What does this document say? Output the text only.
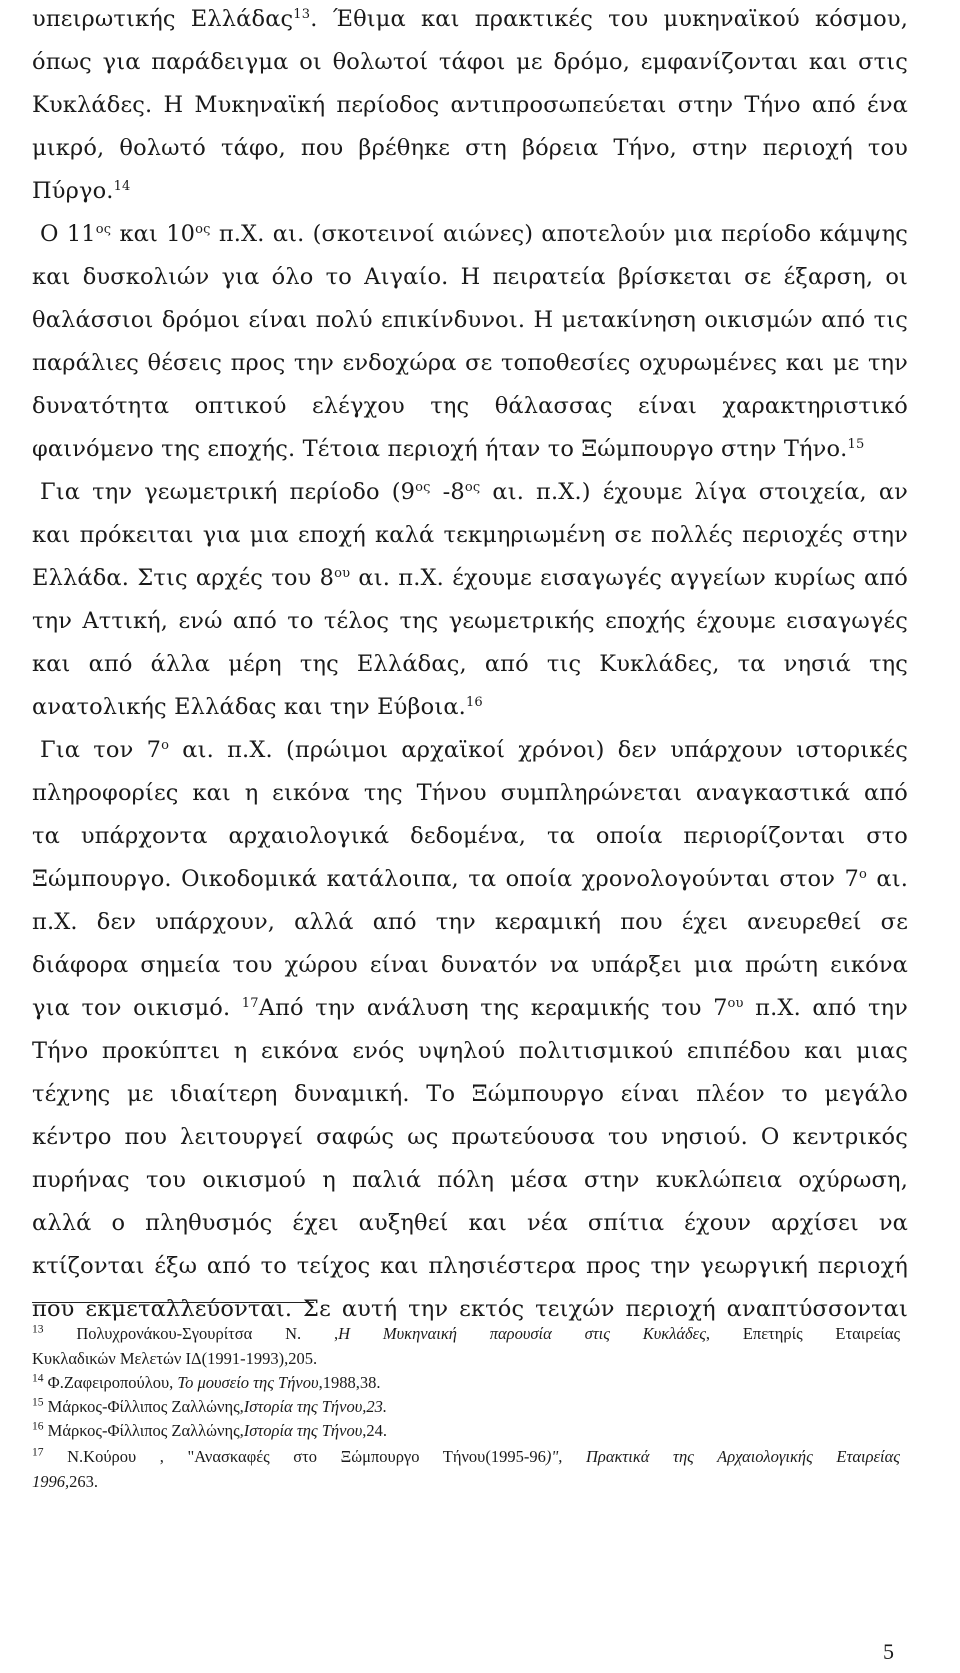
υπειρωτικής Ελλάδας$^{13}$. Έθιμα και πρακτικές του μυκηναϊκού κόσμου,
όπως για παράδειγμα οι θολωτοί τάφοι με δρόμο, εμφανίζονται και στις
Κυκλάδες. Η Μυκηναϊκή περίοδος αντιπροσωπεύεται στην Τήνο από ένα
μικρό, θολωτό τάφο, που βρέθηκε στη βόρεια Τήνο, στην περιοχή του
Πύργο.$^{14}$
Ο $11^{o\varsigma}$ και $10^{o\varsigma}$ π.Χ. αι. (σκοτεινοί αιώνες) αποτελούν μια περίοδο κάμψης
και δυσκολιών για όλο το Αιγαίο. Η πειρατεία βρίσκεται σε έξαρση, οι
θαλάσσιοι δρόμοι είναι πολύ επικίνδυνοι. Η μετακίνηση οικισμών από τις
παράλιες θέσεις προς την ενδοχώρα σε τοποθεσίες οχυρωμένες και με την
δυνατότητα οπτικού ελέγχου της θάλασσας είναι χαρακτηριστικό
φαινόμενο της εποχής. Τέτοια περιοχή ήταν το Ξώμπουργο στην Τήνο.$^{15}$
Για την γεωμετρική περίοδο ($9^{o\varsigma}$ $-8^{o\varsigma}$ αι. π.Χ.) έχουμε λίγα στοιχεία, αν
και πρόκειται για μια εποχή καλά τεκμηριωμένη σε πολλές περιοχές στην
Ελλάδα. Στις αρχές του $8^{o\upsilon}$ αι. π.Χ. έχουμε εισαγωγές αγγείων κυρίως από
την Αττική, ενώ από το τέλος της γεωμετρικής εποχής έχουμε εισαγωγές
και από άλλα μέρη της Ελλάδας, από τις Κυκλάδες, τα νησιά της
ανατολικής Ελλάδας και την Εύβοια.$^{16}$
Για τον $7^o$ αι. π.Χ. (πρώιμοι αρχαϊκοί χρόνοι) δεν υπάρχουν ιστορικές
πληροφορίες και η εικόνα της Τήνου συμπληρώνεται αναγκαστικά από
τα υπάρχοντα αρχαιολογικά δεδομένα, τα οποία περιορίζονται στο
Ξώμπουργο. Οικοδομικά κατάλοιπα, τα οποία χρονολογούνται στον $7^o$ αι.
π.Χ. δεν υπάρχουν, αλλά από την κεραμική που έχει ανευρεθεί σε
διάφορα σημεία του χώρου είναι δυνατόν να υπάρξει μια πρώτη εικόνα
για τον οικισμό. $^{17}$Από την ανάλυση της κεραμικής του $7^{o\upsilon}$ π.Χ. από την
Τήνο προκύπτει η εικόνα ενός υψηλού πολιτισμικού επιπέδου και μιας
τέχνης με ιδιαίτερη δυναμική. Το Ξώμπουργο είναι πλέον το μεγάλο
κέντρο που λειτουργεί σαφώς ως πρωτεύουσα του νησιού. Ο κεντρικός
πυρήνας του οικισμού η παλιά πόλη μέσα στην κυκλώπεια οχύρωση,
αλλά ο πληθυσμός έχει αυξηθεί και νέα σπίτια έχουν αρχίσει να
κτίζονται έξω από το τείχος και πλησιέστερα προς την γεωργική περιοχή
που εκμεταλλεύονται. Σε αυτή την εκτός τειχών περιοχή αναπτύσσονται
$^{13}$ Πολυχρονάκου-Σγουρίτσα Ν. ,Η Μυκηναική παρουσία στις Κυκλάδες, Επετηρίς Εταιρείας
Κυκλαδικών Μελετών ΙΔ(1991-1993),205.
$^{14}$ Φ.Ζαφειροπούλου, Το μουσείο της Τήνου,1988,38.
$^{15}$ Μάρκος-Φίλλιπος Ζαλλώνης,Ιστορία της Τήνου,23.
$^{16}$ Μάρκος-Φίλλιπος Ζαλλώνης,Ιστορία της Τήνου,24.
$^{17}$ Ν.Κούρου , "Ανασκαφές στο Ξώμπουργο Τήνου(1995-96)", Πρακτικά της Αρχαιολογικής Εταιρείας
1996,263.
5
